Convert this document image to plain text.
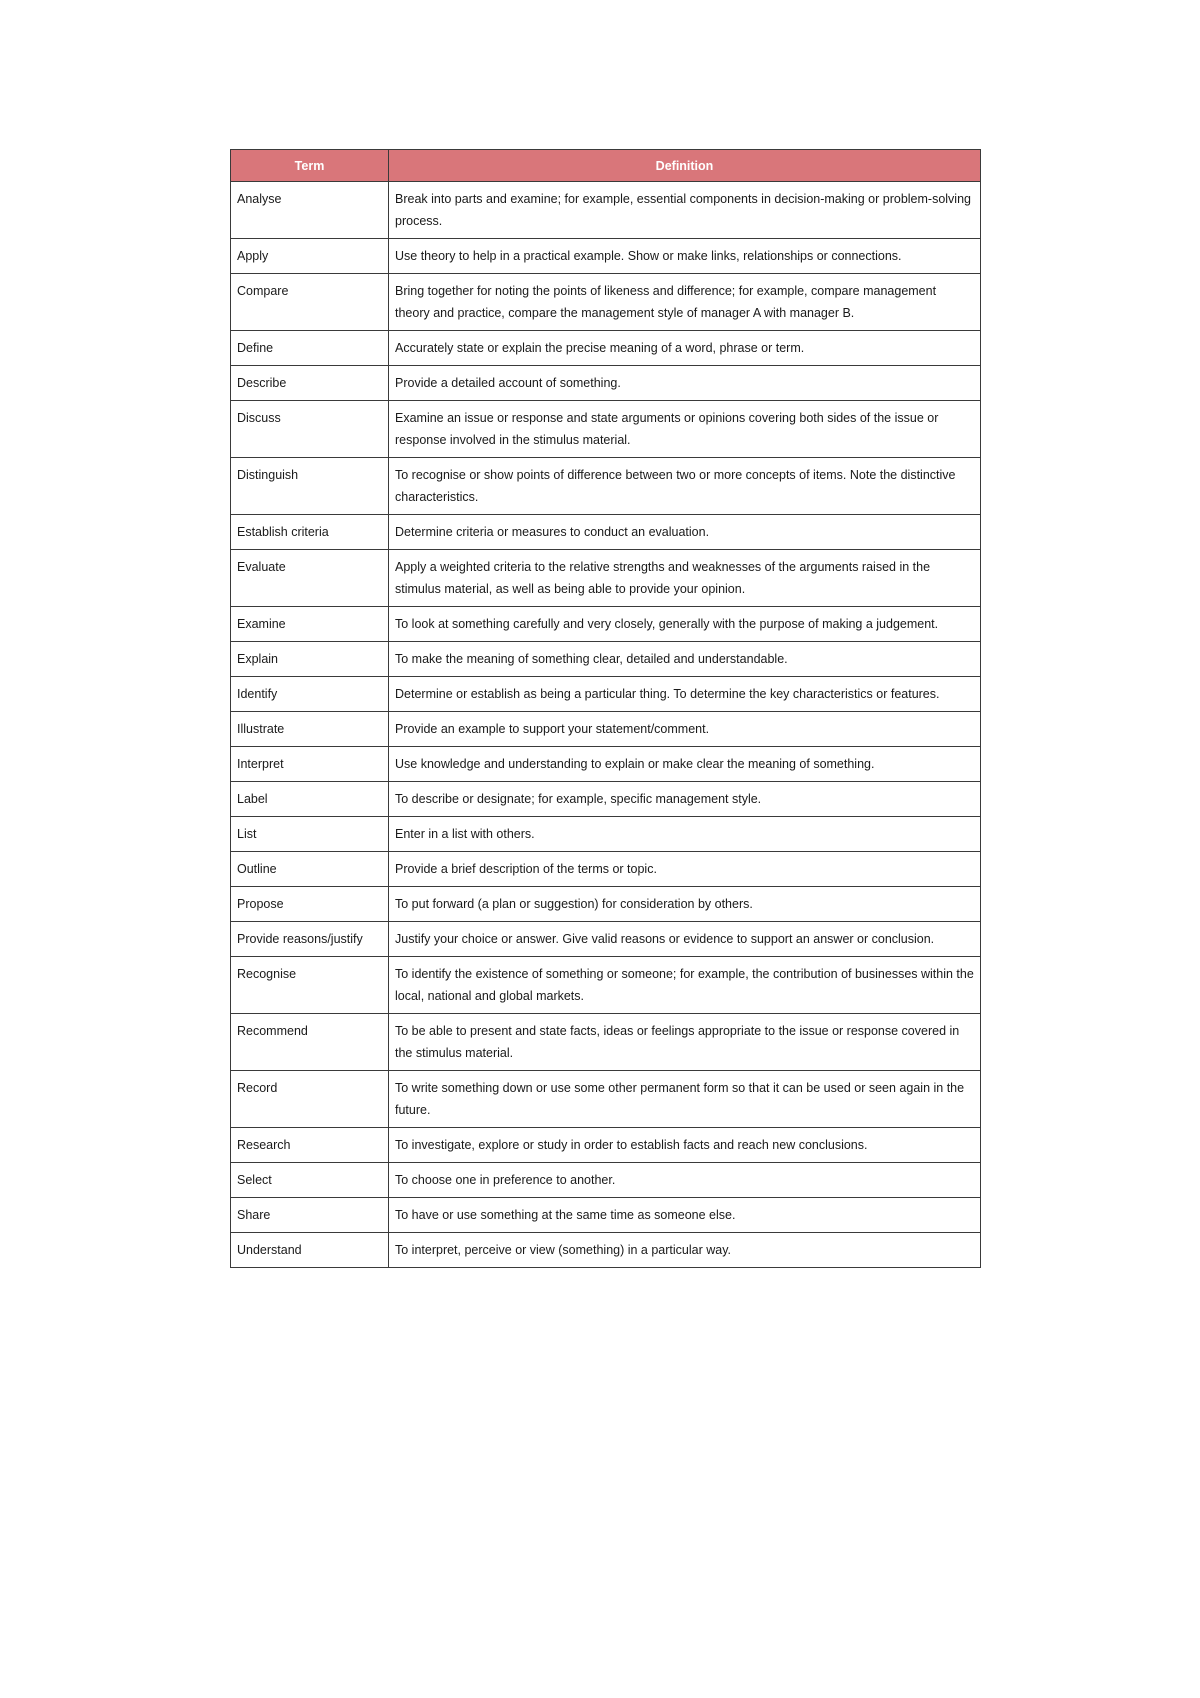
Term	Definition
Analyse	Break into parts and examine; for example, essential components in decision-making or problem-solving process.
Apply	Use theory to help in a practical example. Show or make links, relationships or connections.
Compare	Bring together for noting the points of likeness and difference; for example, compare management theory and practice, compare the management style of manager A with manager B.
Define	Accurately state or explain the precise meaning of a word, phrase or term.
Describe	Provide a detailed account of something.
Discuss	Examine an issue or response and state arguments or opinions covering both sides of the issue or response involved in the stimulus material.
Distinguish	To recognise or show points of difference between two or more concepts of items. Note the distinctive characteristics.
Establish criteria	Determine criteria or measures to conduct an evaluation.
Evaluate	Apply a weighted criteria to the relative strengths and weaknesses of the arguments raised in the stimulus material, as well as being able to provide your opinion.
Examine	To look at something carefully and very closely, generally with the purpose of making a judgement.
Explain	To make the meaning of something clear, detailed and understandable.
Identify	Determine or establish as being a particular thing. To determine the key characteristics or features.
Illustrate	Provide an example to support your statement/comment.
Interpret	Use knowledge and understanding to explain or make clear the meaning of something.
Label	To describe or designate; for example, specific management style.
List	Enter in a list with others.
Outline	Provide a brief description of the terms or topic.
Propose	To put forward (a plan or suggestion) for consideration by others.
Provide reasons/justify	Justify your choice or answer. Give valid reasons or evidence to support an answer or conclusion.
Recognise	To identify the existence of something or someone; for example, the contribution of businesses within the local, national and global markets.
Recommend	To be able to present and state facts, ideas or feelings appropriate to the issue or response covered in the stimulus material.
Record	To write something down or use some other permanent form so that it can be used or seen again in the future.
Research	To investigate, explore or study in order to establish facts and reach new conclusions.
Select	To choose one in preference to another.
Share	To have or use something at the same time as someone else.
Understand	To interpret, perceive or view (something) in a particular way.
